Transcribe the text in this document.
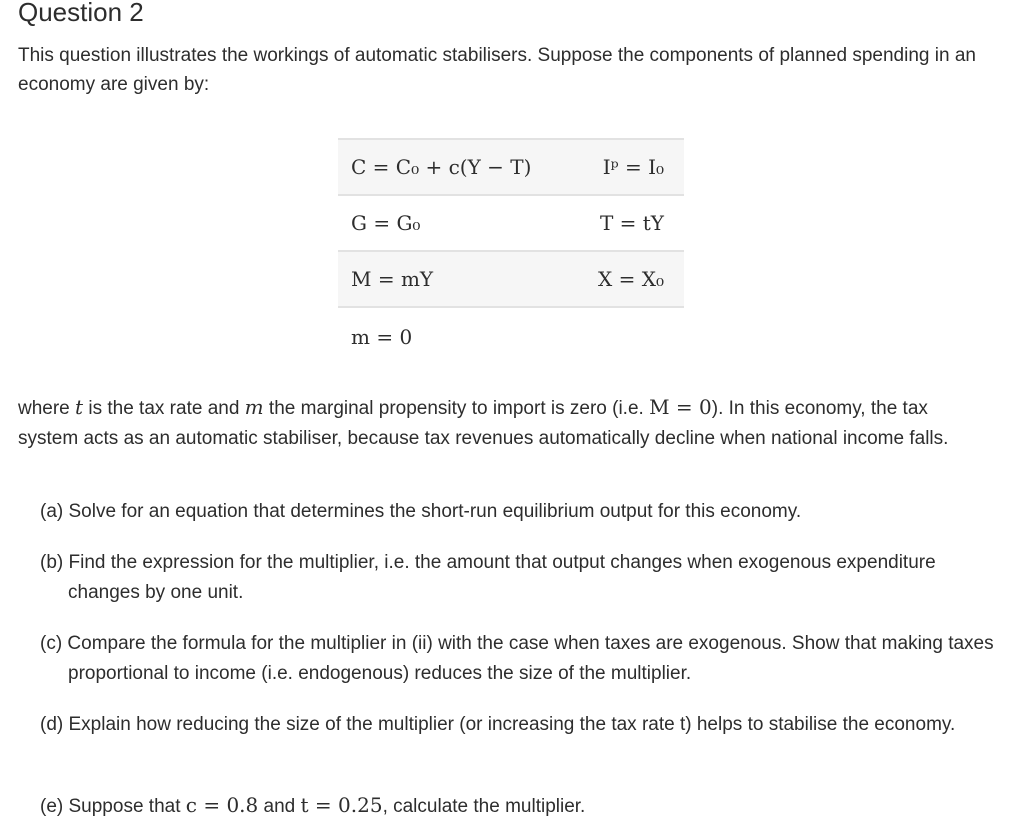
Question 2

This question illustrates the workings of automatic stabilisers. Suppose the components of planned spending in an economy are given by:

C = C₀ + c(Y − T)	Iᵖ = I₀
G = G₀	T = tY
M = mY	X = X₀
m = 0	

where t is the tax rate and m the marginal propensity to import is zero (i.e. M = 0). In this economy, the tax system acts as an automatic stabiliser, because tax revenues automatically decline when national income falls.

(a) Solve for an equation that determines the short-run equilibrium output for this economy.

(b) Find the expression for the multiplier, i.e. the amount that output changes when exogenous expenditure changes by one unit.

(c) Compare the formula for the multiplier in (ii) with the case when taxes are exogenous. Show that making taxes proportional to income (i.e. endogenous) reduces the size of the multiplier.

(d) Explain how reducing the size of the multiplier (or increasing the tax rate t) helps to stabilise the economy.

(e) Suppose that c = 0.8 and t = 0.25, calculate the multiplier.
